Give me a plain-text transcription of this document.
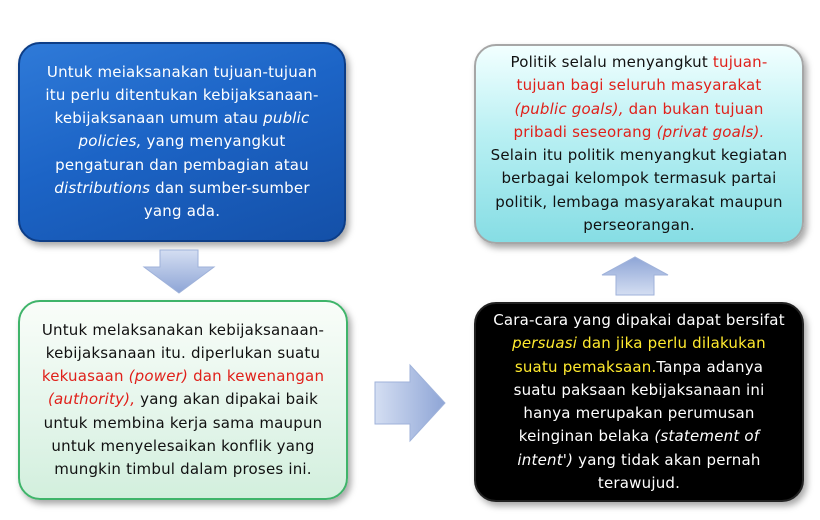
Untuk meiaksanakan tujuan-tujuan itu perlu ditentukan kebijaksanaan-kebijaksanaan umum atau public policies, yang menyangkut pengaturan dan pembagian atau distributions dan sumber-sumber yang ada.

Untuk melaksanakan kebijaksanaan-kebijaksanaan itu. diperlukan suatu kekuasaan (power) dan kewenangan (authority), yang akan dipakai baik untuk membina kerja sama maupun untuk menyelesaikan konflik yang mungkin timbul dalam proses ini.

Cara-cara yang dipakai dapat bersifat persuasi dan jika perlu dilakukan suatu pemaksaan.Tanpa adanya suatu paksaan kebijaksanaan ini hanya merupakan perumusan keinginan belaka (statement of intent') yang tidak akan pernah terawujud.

Politik selalu menyangkut tujuan-tujuan bagi seluruh masyarakat (public goals), dan bukan tujuan pribadi seseorang (privat goals). Selain itu politik menyangkut kegiatan berbagai kelompok termasuk partai politik, lembaga masyarakat maupun perseorangan.
